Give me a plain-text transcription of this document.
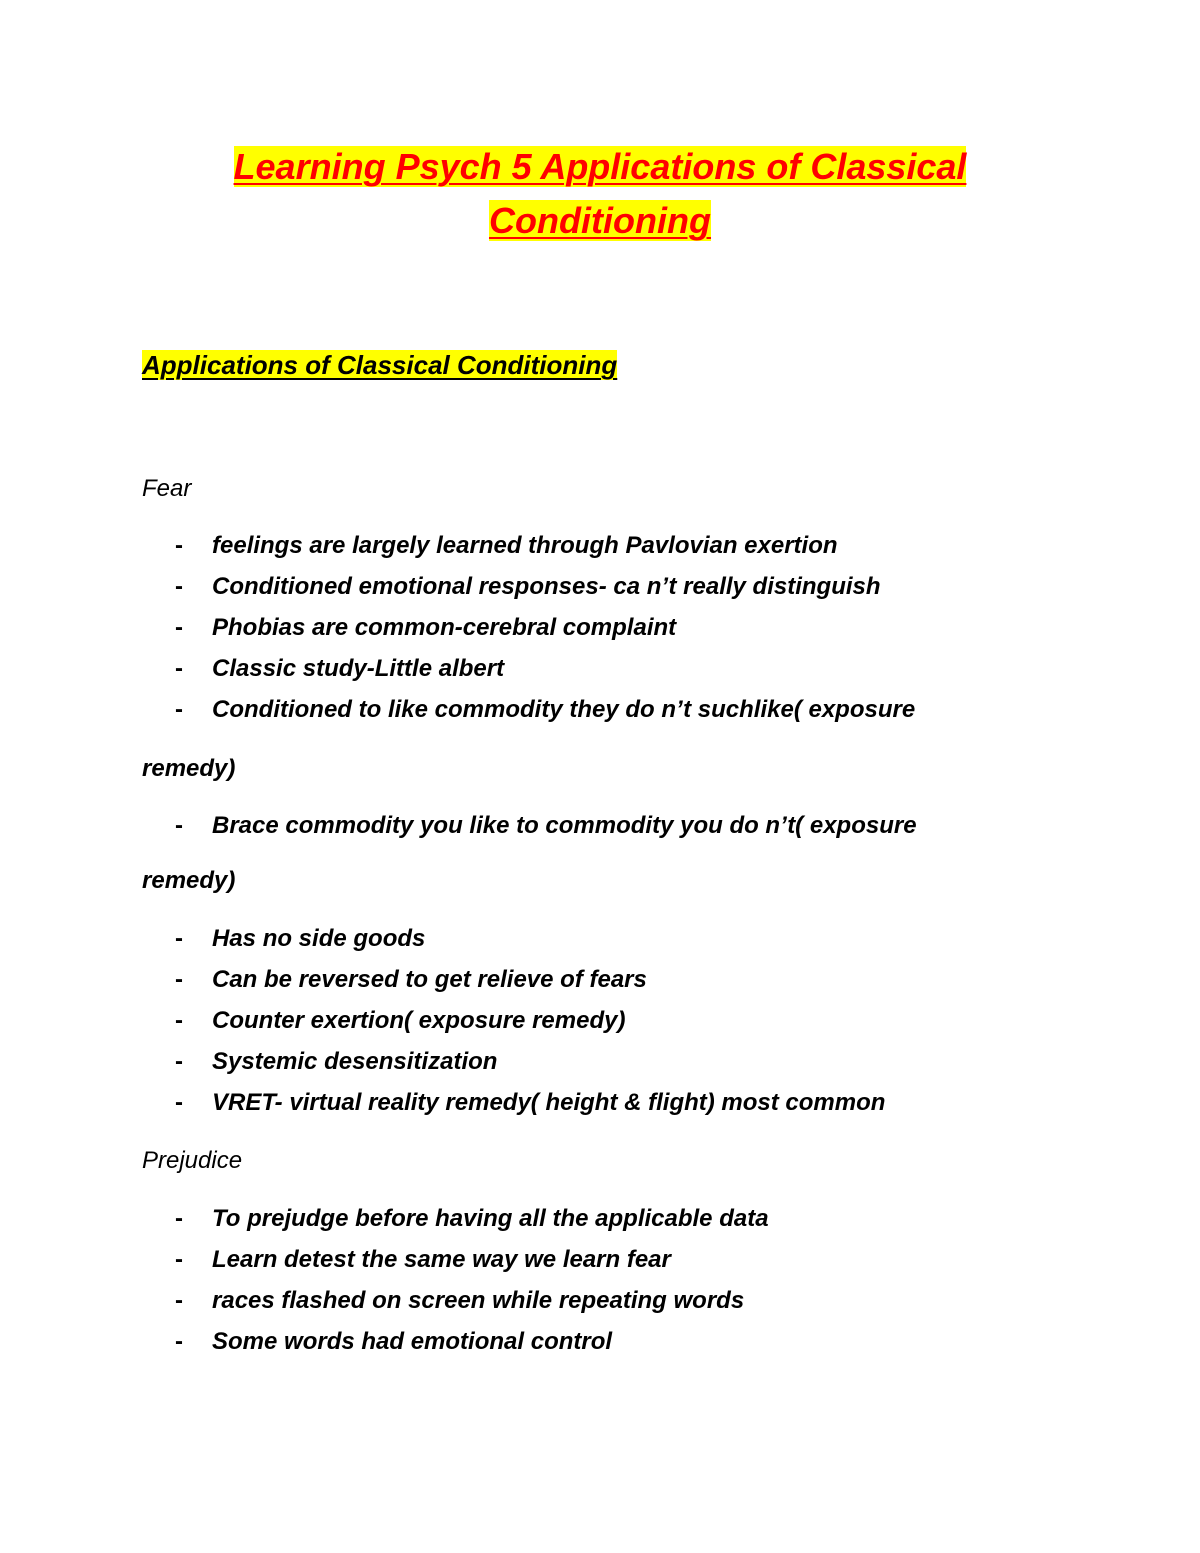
Learning Psych 5 Applications of Classical
Conditioning
Applications of Classical Conditioning

Fear

- feelings are largely learned through Pavlovian exertion
- Conditioned emotional responses- ca n’t really distinguish
- Phobias are common-cerebral complaint
- Classic study-Little albert
- Conditioned to like commodity they do n’t suchlike( exposure

remedy)

- Brace commodity you like to commodity you do n’t( exposure

remedy)

- Has no side goods
- Can be reversed to get relieve of fears
- Counter exertion( exposure remedy)
- Systemic desensitization
- VRET- virtual reality remedy( height & flight) most common

Prejudice

- To prejudge before having all the applicable data
- Learn detest the same way we learn fear
- races flashed on screen while repeating words
- Some words had emotional control
